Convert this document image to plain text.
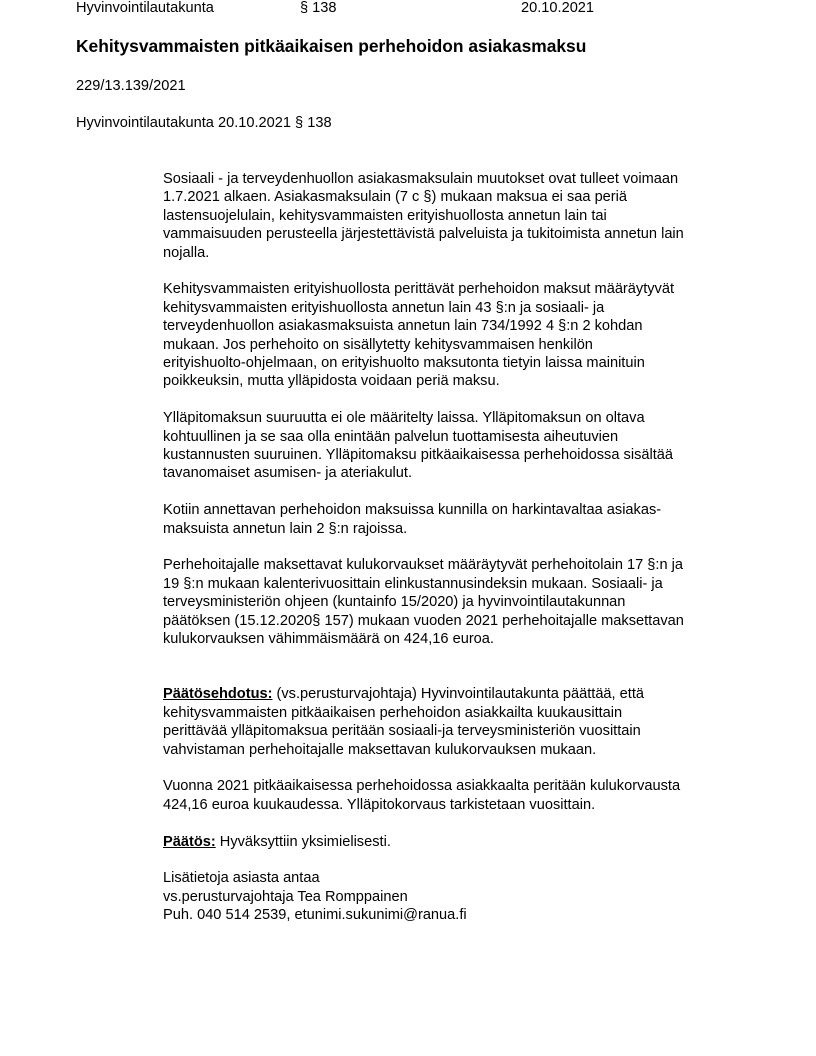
Hyvinvointilautakunta	§ 138	20.10.2021
Kehitysvammaisten pitkäaikaisen perhehoidon asiakasmaksu
229/13.139/2021
Hyvinvointilautakunta 20.10.2021 § 138

Sosiaali - ja terveydenhuollon asiakasmaksulain muutokset ovat tulleet voimaan

1.7.2021 alkaen. Asiakasmaksulain (7 c §) mukaan maksua ei saa periä

lastensuojelulain, kehitysvammaisten erityishuollosta annetun lain tai

vammaisuuden perusteella järjestettävistä palveluista ja tukitoimista annetun lain

nojalla.

Kehitysvammaisten erityishuollosta perittävät perhehoidon maksut määräytyvät

kehitysvammaisten erityishuollosta annetun lain 43 §:n ja sosiaali- ja

terveydenhuollon asiakasmaksuista annetun lain 734/1992 4 §:n 2 kohdan

mukaan. Jos perhehoito on sisällytetty kehitysvammaisen henkilön

erityishuolto-ohjelmaan, on erityishuolto maksutonta tietyin laissa mainituin

poikkeuksin, mutta ylläpidosta voidaan periä maksu.

Ylläpitomaksun suuruutta ei ole määritelty laissa. Ylläpitomaksun on oltava

kohtuullinen ja se saa olla enintään palvelun tuottamisesta aiheutuvien

kustannusten suuruinen. Ylläpitomaksu pitkäaikaisessa perhehoidossa sisältää

tavanomaiset asumisen- ja ateriakulut.

Kotiin annettavan perhehoidon maksuissa kunnilla on harkintavaltaa asiakas-

maksuista annetun lain 2 §:n rajoissa.

Perhehoitajalle maksettavat kulukorvaukset määräytyvät perhehoitolain 17 §:n ja

19 §:n mukaan kalenterivuosittain elinkustannusindeksin mukaan. Sosiaali- ja

terveysministeriön ohjeen (kuntainfo 15/2020) ja hyvinvointilautakunnan

päätöksen (15.12.2020§ 157) mukaan vuoden 2021 perhehoitajalle maksettavan

kulukorvauksen vähimmäismäärä on 424,16 euroa.

Päätösehdotus: (vs.perusturvajohtaja) Hyvinvointilautakunta päättää, että

kehitysvammaisten pitkäaikaisen perhehoidon asiakkailta kuukausittain

perittävää ylläpitomaksua peritään sosiaali-ja terveysministeriön vuosittain

vahvistaman perhehoitajalle maksettavan kulukorvauksen mukaan.

Vuonna 2021 pitkäaikaisessa perhehoidossa asiakkaalta peritään kulukorvausta

424,16 euroa kuukaudessa. Ylläpitokorvaus tarkistetaan vuosittain.

Päätös: Hyväksyttiin yksimielisesti.

Lisätietoja asiasta antaa

vs.perusturvajohtaja Tea Romppainen

Puh. 040 514 2539, etunimi.sukunimi@ranua.fi
